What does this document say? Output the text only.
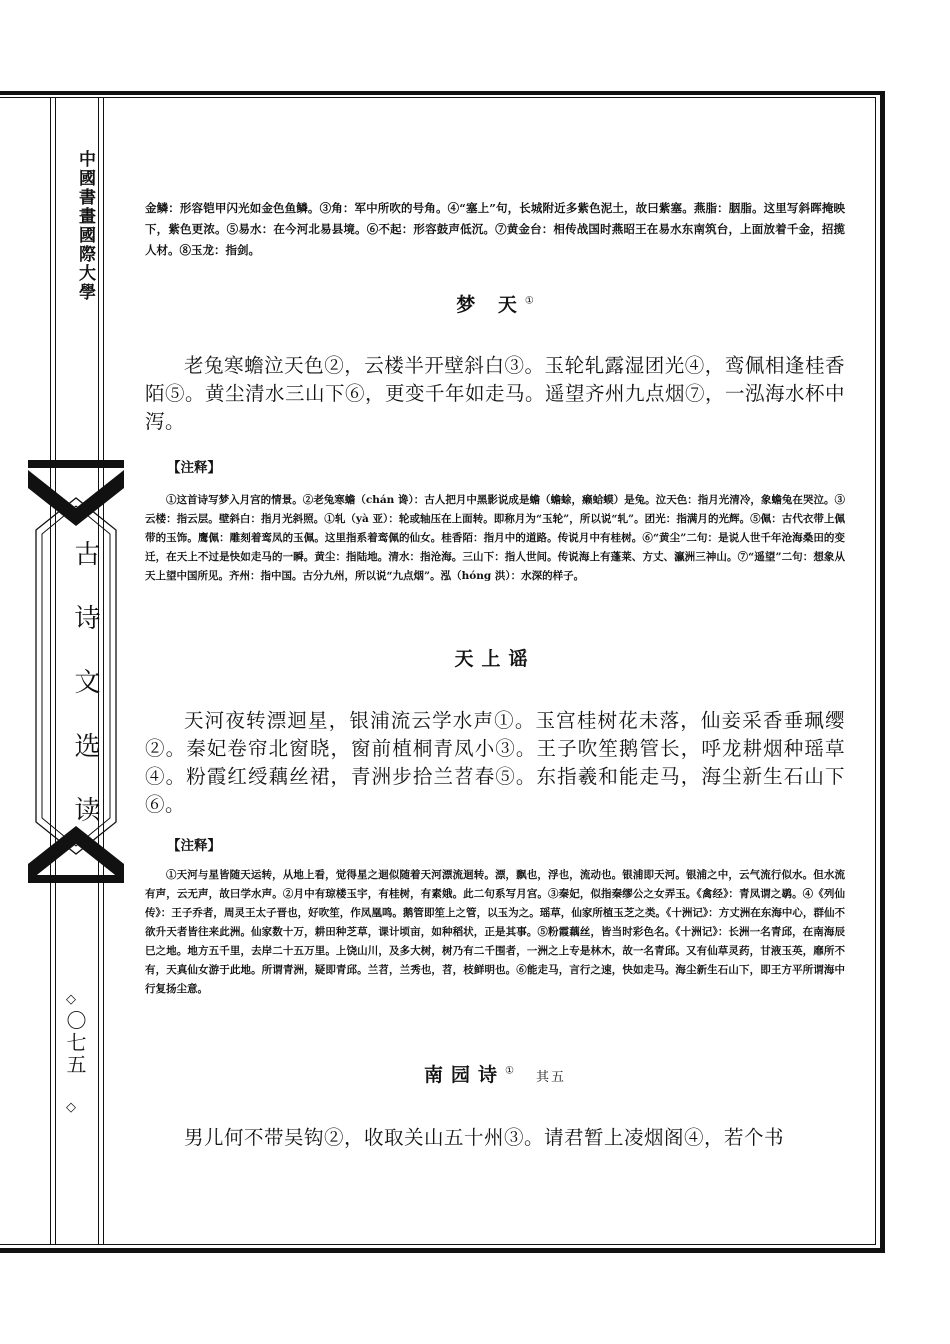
中國書畫國際大學
古诗文选读
◇
〇七五
◇
金鳞：形容铠甲闪光如金色鱼鳞。③角：军中所吹的号角。④“塞上”句，长城附近多紫色泥土，故曰紫塞。燕脂：胭脂。这里写斜晖掩映下，紫色更浓。⑤易水：在今河北易县境。⑥不起：形容鼓声低沉。⑦黄金台：相传战国时燕昭王在易水东南筑台，上面放着千金，招揽人材。⑧玉龙：指剑。
梦 天①
老兔寒蟾泣天色②，云楼半开壁斜白③。玉轮轧露湿团光④，鸾佩相逢桂香陌⑤。黄尘清水三山下⑥，更变千年如走马。遥望齐州九点烟⑦，一泓海水杯中泻。
【注释】
①这首诗写梦入月宫的情景。②老兔寒蟾（chán 谗）：古人把月中黑影说成是蟾（蟾蜍，癞蛤蟆）是兔。泣天色：指月光清冷，象蟾兔在哭泣。③云楼：指云层。壁斜白：指月光斜照。①轧（yà 亚）：轮或轴压在上面转。即称月为“玉轮”，所以说“轧”。团光：指满月的光辉。⑤佩：古代衣带上佩带的玉饰。鹰佩：雕刻着鸾凤的玉佩。这里指系着鸾佩的仙女。桂香陌：指月中的道路。传说月中有桂树。⑥“黄尘”二句：是说人世千年沧海桑田的变迁，在天上不过是快如走马的一瞬。黄尘：指陆地。清水：指沧海。三山下：指人世间。传说海上有蓬莱、方丈、瀛洲三神山。⑦“遥望”二句：想象从天上望中国所见。齐州：指中国。古分九州，所以说“九点烟”。泓（hóng 洪）：水深的样子。
天上谣
天河夜转漂迴星，银浦流云学水声①。玉宫桂树花未落，仙妾采香垂珮缨②。秦妃卷帘北窗晓，窗前植桐青凤小③。王子吹笙鹅管长，呼龙耕烟种瑶草④。粉霞红绶藕丝裙，青洲步拾兰苕春⑤。东指羲和能走马，海尘新生石山下⑥。
【注释】
①天河与星皆随天运转，从地上看，觉得星之迴似随着天河漂流迴转。漂，飘也，浮也，流动也。银浦即天河。银浦之中，云气流行似水。但水流有声，云无声，故曰学水声。②月中有琼楼玉宇，有桂树，有素娥。此二句系写月宫。③秦妃，似指秦缪公之女弄玉。《禽经》：青凤谓之鹖。④《列仙传》：王子乔者，周灵王太子晋也，好吹笙，作凤凰鸣。鹅管即笙上之管，以玉为之。瑶草，仙家所植玉芝之类。《十洲记》：方丈洲在东海中心，群仙不欲升天者皆往来此洲。仙家数十万，耕田种芝草，课计顷亩，如种稻状，正是其事。⑤粉霞藕丝，皆当时彩色名。《十洲记》：长洲一名青邱，在南海辰巳之地。地方五千里，去岸二十五万里。上饶山川，及多大树，树乃有二千围者，一洲之上专是林木，故一名青邱。又有仙草灵药，甘液玉英，靡所不有，天真仙女游于此地。所谓青洲，疑即青邱。兰苕，兰秀也，苕，枝鲜明也。⑥能走马，言行之速，快如走马。海尘新生石山下，即王方平所谓海中行复扬尘意。
南园诗① 其五
男儿何不带吴钩②，收取关山五十州③。请君暂上凌烟阁④，若个书
